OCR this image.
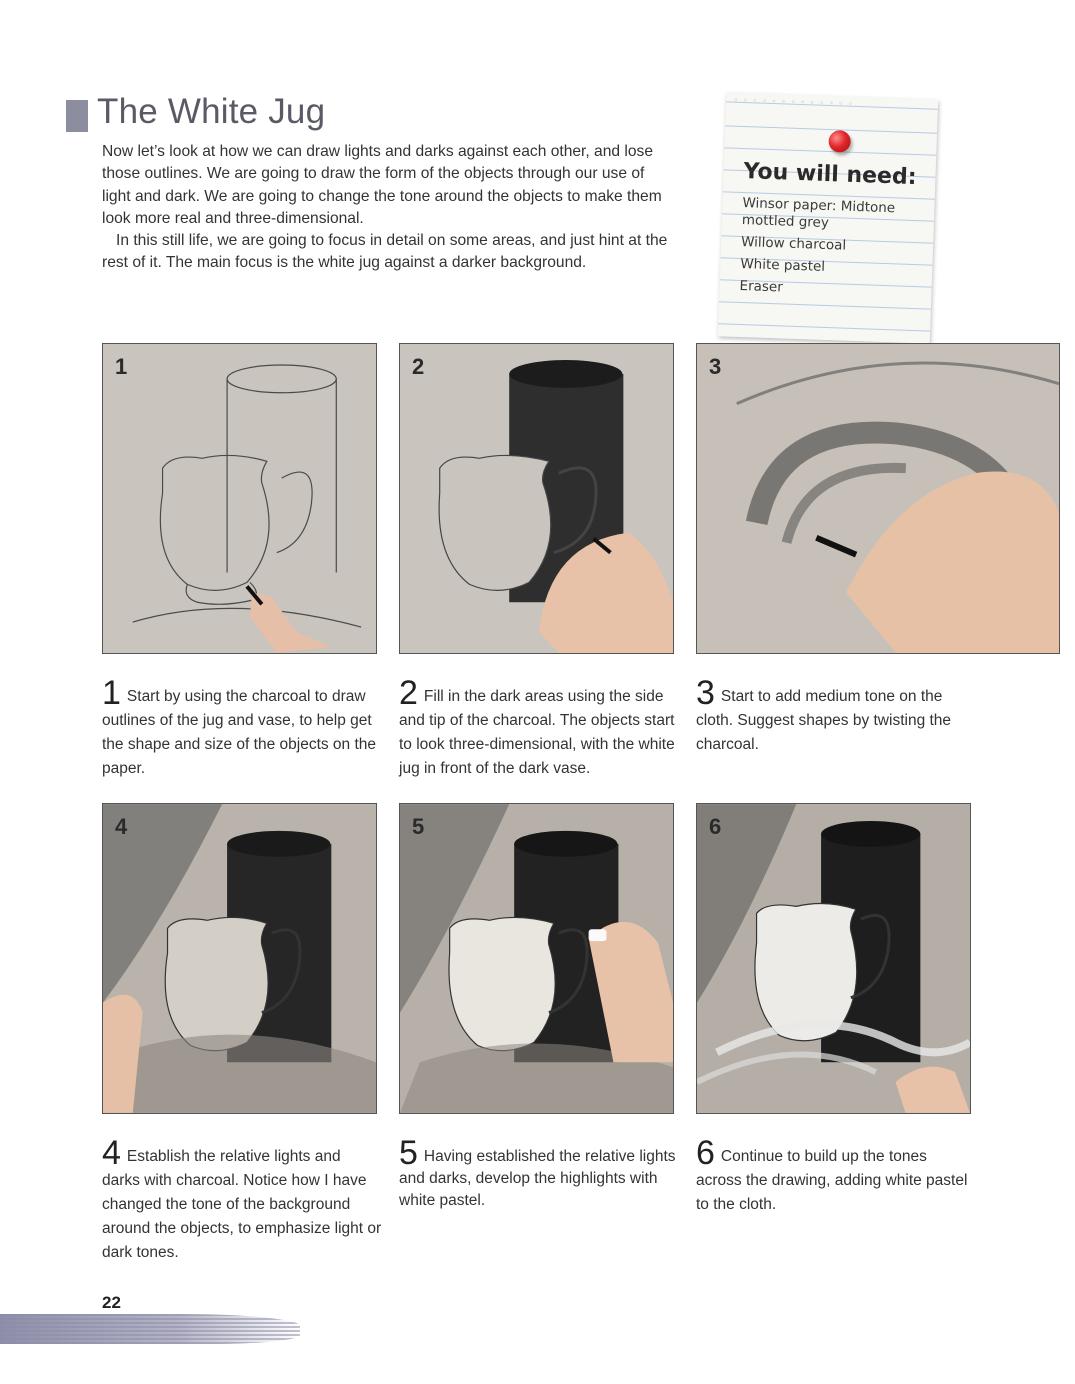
The White Jug

Now let’s look at how we can draw lights and darks against each other, and lose those outlines. We are going to draw the form of the objects through our use of light and dark. We are going to change the tone around the objects to make them look more real and three-dimensional.

In this still life, we are going to focus in detail on some areas, and just hint at the rest of it. The main focus is the white jug against a darker background.

◦◦◦◦◦◦◦◦◦◦◦◦◦
You will need:
Winsor paper: Midtone mottled grey
Willow charcoal
White pastel
Eraser
1	2	3

1 Start by using the charcoal to draw outlines of the jug and vase, to help get the shape and size of the objects on the paper.

2 Fill in the dark areas using the side and tip of the charcoal. The objects start to look three-dimensional, with the white jug in front of the dark vase.

3 Start to add medium tone on the cloth. Suggest shapes by twisting the charcoal.

4	5	6

4 Establish the relative lights and darks with charcoal. Notice how I have changed the tone of the background around the objects, to emphasize light or dark tones.

5 Having established the relative lights and darks, develop the highlights with white pastel.

6 Continue to build up the tones across the drawing, adding white pastel to the cloth.

22
